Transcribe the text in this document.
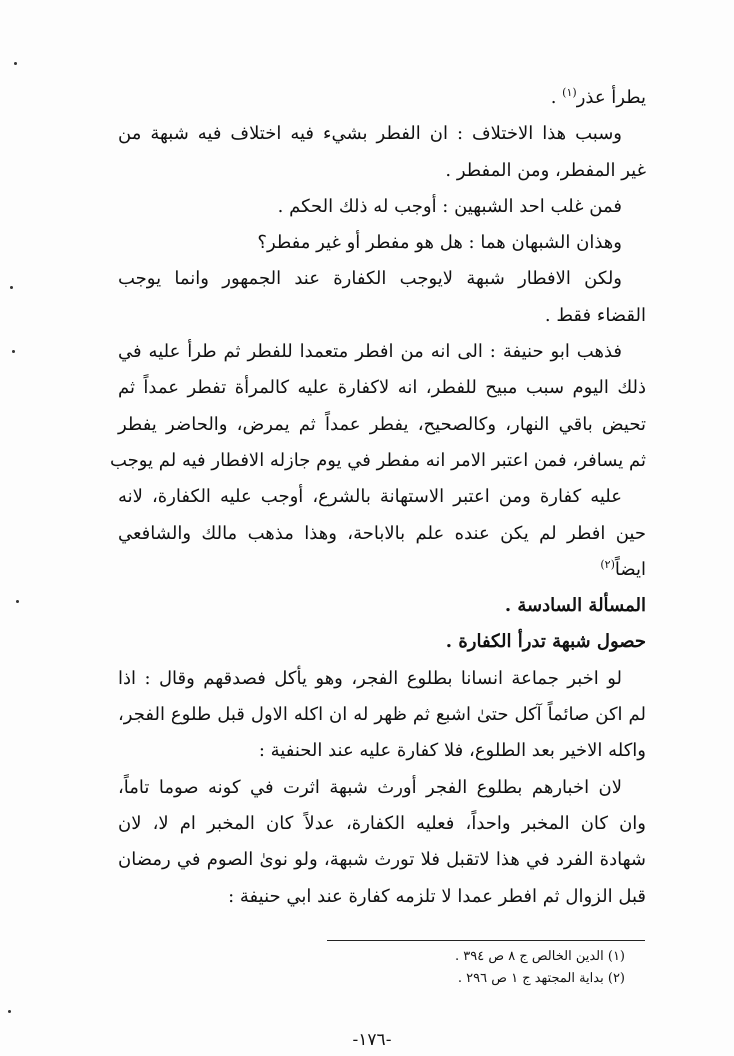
يطرأ عذر$^{(١)}$ .
وسبب هذا الاختلاف : ان الفطر بشيء فيه اختلاف فيه شبهة من
غير المفطر، ومن المفطر .
فمن غلب احد الشبهين : أوجب له ذلك الحكم .
وهذان الشبهان هما : هل هو مفطر أو غير مفطر؟
ولكن الافطار شبهة لايوجب الكفارة عند الجمهور وانما يوجب
القضاء فقط .
فذهب ابو حنيفة : الى انه من افطر متعمدا للفطر ثم طرأ عليه في
ذلك اليوم سبب مبيح للفطر، انه لاكفارة عليه كالمرأة تفطر عمداً ثم
تحيض باقي النهار، وكالصحيح، يفطر عمداً ثم يمرض، والحاضر يفطر
ثم يسافر، فمن اعتبر الامر انه مفطر في يوم جازله الافطار فيه لم يوجب
عليه كفارة ومن اعتبر الاستهانة بالشرع، أوجب عليه الكفارة، لانه
حين افطر لم يكن عنده علم بالاباحة، وهذا مذهب مالك والشافعي
ايضاً$^{(٢)}$
المسألة السادسة .
حصول شبهة تدرأ الكفارة .
لو اخبر جماعة انسانا بطلوع الفجر، وهو يأكل فصدقهم وقال : اذا
لم اكن صائماً آكل حتىٰ اشبع ثم ظهر له ان اكله الاول قبل طلوع الفجر،
واكله الاخير بعد الطلوع، فلا كفارة عليه عند الحنفية :
لان اخبارهم بطلوع الفجر أورث شبهة اثرت في كونه صوما تاماً،
وان كان المخبر واحداً، فعليه الكفارة، عدلاً كان المخبر ام لا، لان
شهادة الفرد في هذا لاتقبل فلا تورث شبهة، ولو نوىٰ الصوم في رمضان
قبل الزوال ثم افطر عمدا لا تلزمه كفارة عند ابي حنيفة :
(١) الدين الخالص ج ٨ ص ٣٩٤ .
(٢) بداية المجتهد ج ١ ص ٢٩٦ .
-١٧٦-
